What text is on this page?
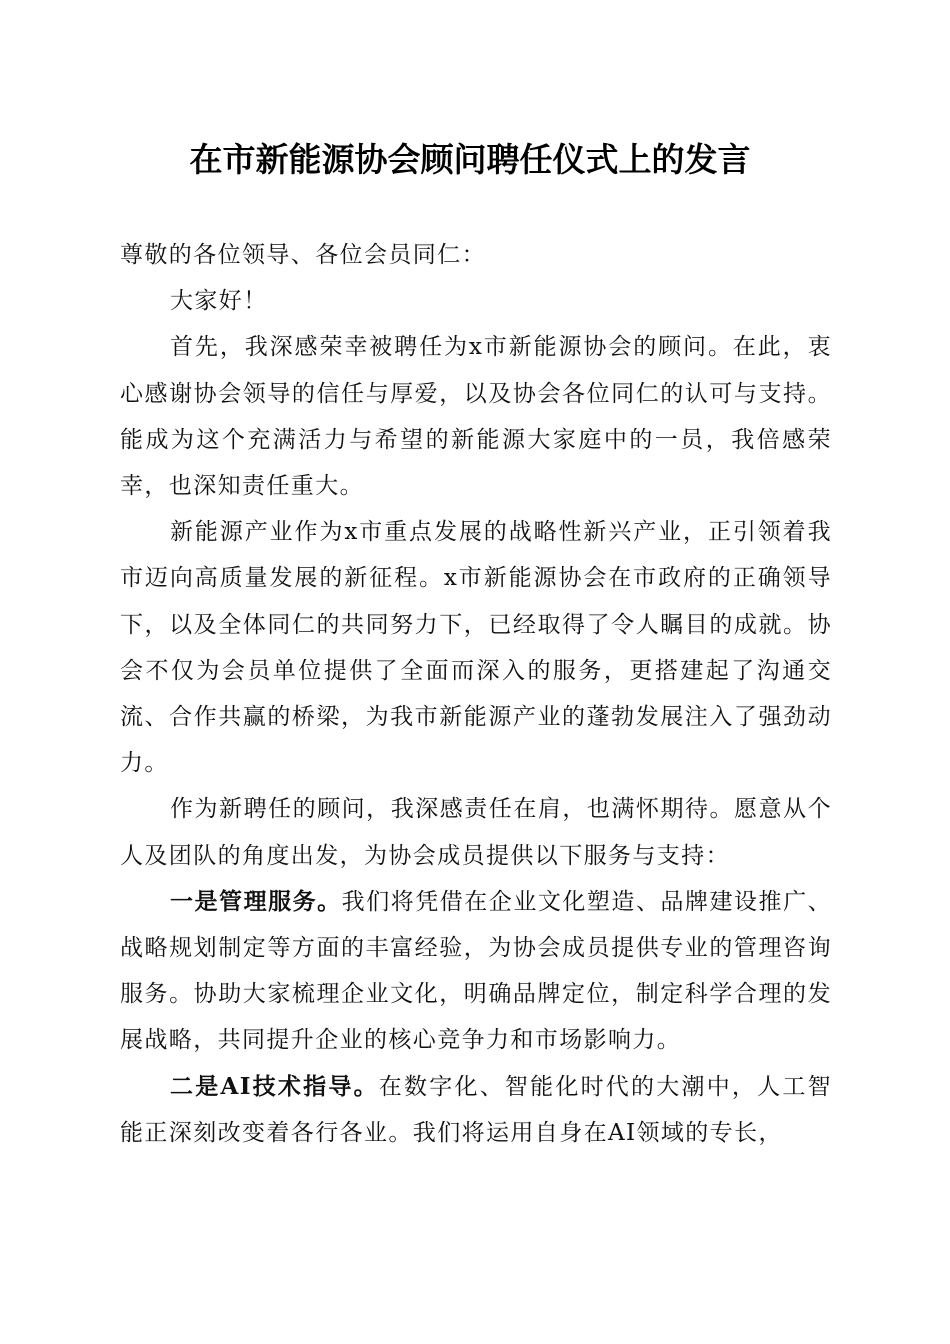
在市新能源协会顾问聘任仪式上的发言

尊敬的各位领导、各位会员同仁：

大家好！

首先，我深感荣幸被聘任为x市新能源协会的顾问。在此，衷心感谢协会领导的信任与厚爱，以及协会各位同仁的认可与支持。能成为这个充满活力与希望的新能源大家庭中的一员，我倍感荣幸，也深知责任重大。

新能源产业作为x市重点发展的战略性新兴产业，正引领着我市迈向高质量发展的新征程。x市新能源协会在市政府的正确领导下，以及全体同仁的共同努力下，已经取得了令人瞩目的成就。协会不仅为会员单位提供了全面而深入的服务，更搭建起了沟通交流、合作共赢的桥梁，为我市新能源产业的蓬勃发展注入了强劲动力。

作为新聘任的顾问，我深感责任在肩，也满怀期待。愿意从个人及团队的角度出发，为协会成员提供以下服务与支持：

一是管理服务。我们将凭借在企业文化塑造、品牌建设推广、战略规划制定等方面的丰富经验，为协会成员提供专业的管理咨询服务。协助大家梳理企业文化，明确品牌定位，制定科学合理的发展战略，共同提升企业的核心竞争力和市场影响力。

二是AI技术指导。在数字化、智能化时代的大潮中，人工智能正深刻改变着各行各业。我们将运用自身在AI领域的专长，
